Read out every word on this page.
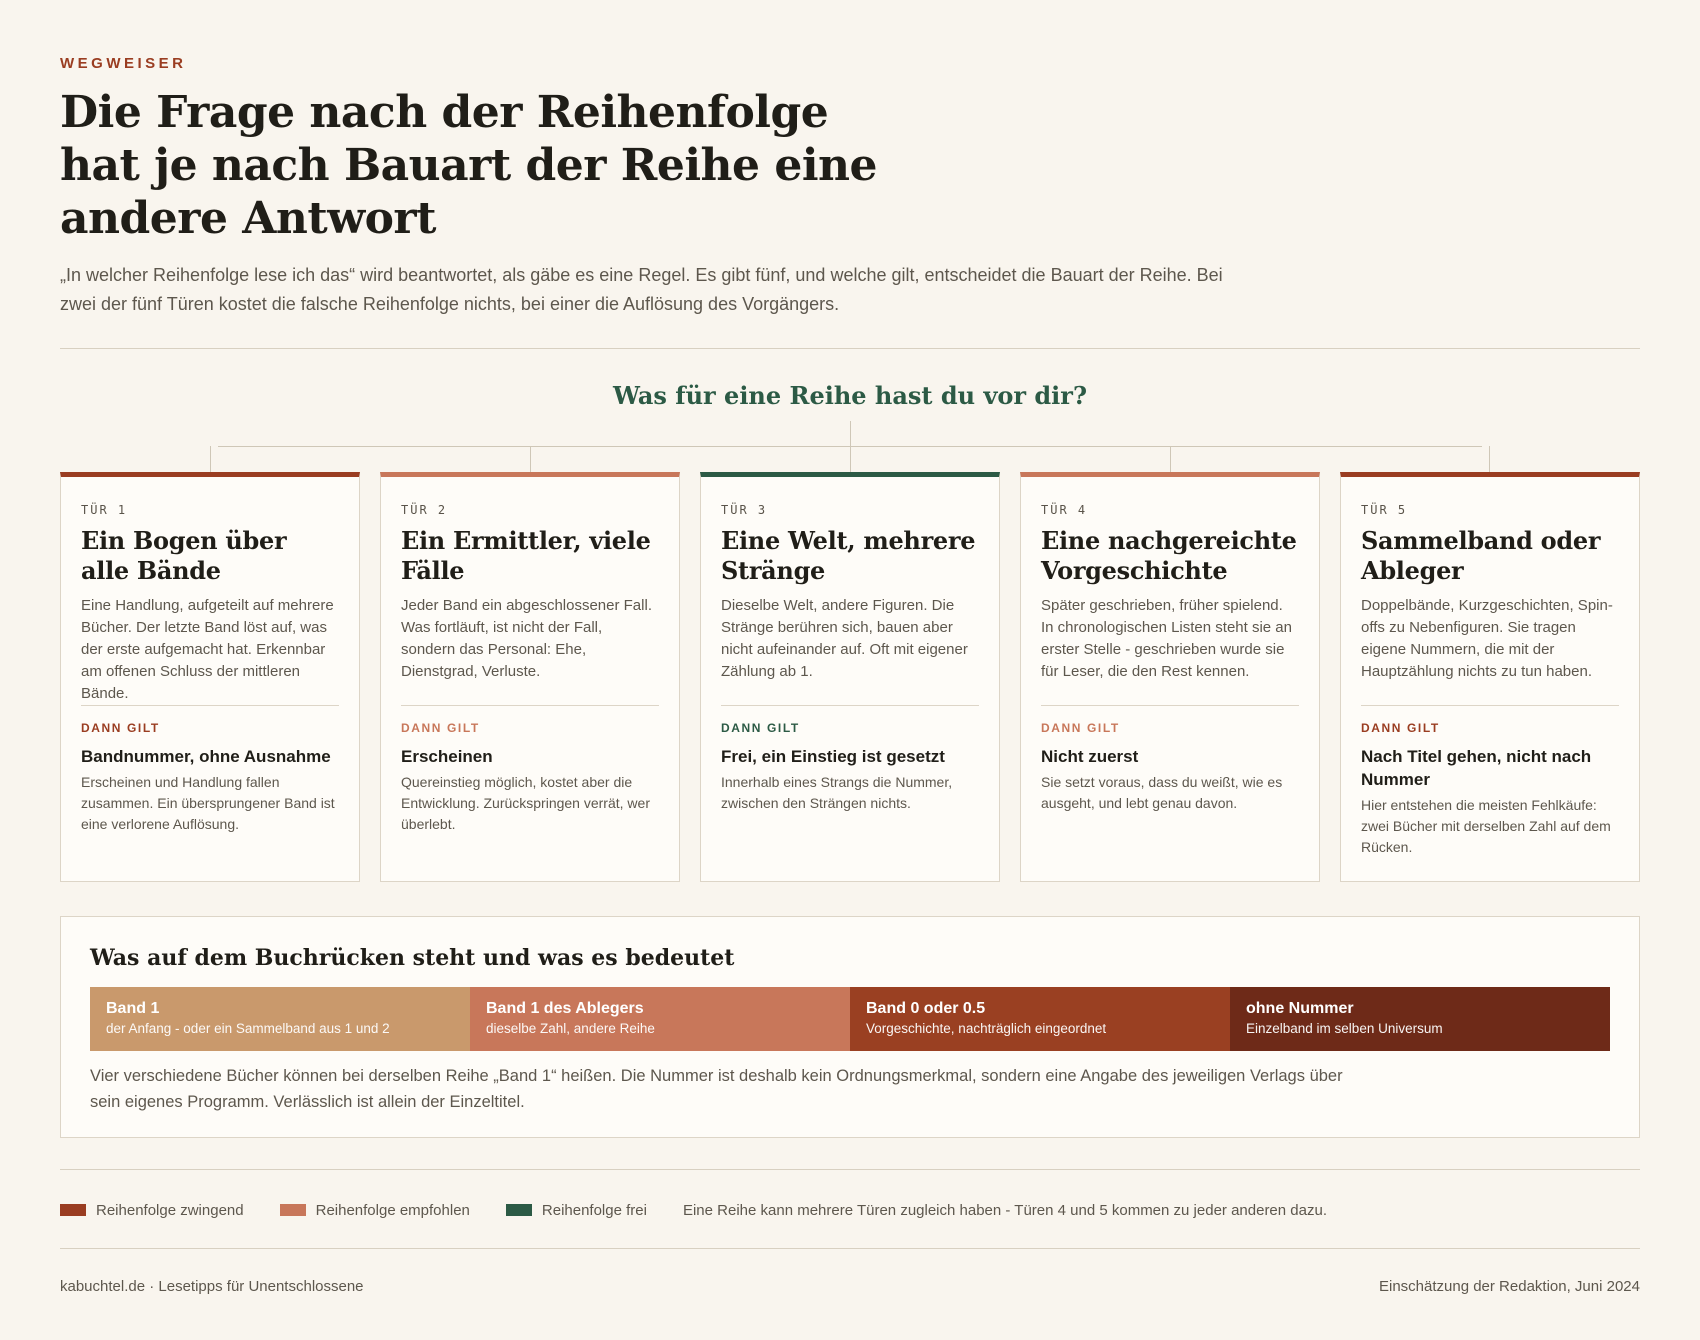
WEGWEISER
Die Frage nach der Reihenfolge hat je nach Bauart der Reihe eine andere Antwort

„In welcher Reihenfolge lese ich das“ wird beantwortet, als gäbe es eine Regel. Es gibt fünf, und welche gilt, entscheidet die Bauart der Reihe. Bei zwei der fünf Türen kostet die falsche Reihenfolge nichts, bei einer die Auflösung des Vorgängers.

Was für eine Reihe hast du vor dir?
TÜR 1
Ein Bogen über alle Bände

Eine Handlung, aufgeteilt auf mehrere Bücher. Der letzte Band löst auf, was der erste aufgemacht hat. Erkennbar am offenen Schluss der mittleren Bände.

DANN GILT
Bandnummer, ohne Ausnahme
Erscheinen und Handlung fallen zusammen. Ein übersprungener Band ist eine verlorene Auflösung.
TÜR 2
Ein Ermittler, viele Fälle

Jeder Band ein abgeschlossener Fall. Was fortläuft, ist nicht der Fall, sondern das Personal: Ehe, Dienstgrad, Verluste.

DANN GILT
Erscheinen
Quereinstieg möglich, kostet aber die Entwicklung. Zurückspringen verrät, wer überlebt.
TÜR 3
Eine Welt, mehrere Stränge

Dieselbe Welt, andere Figuren. Die Stränge berühren sich, bauen aber nicht aufeinander auf. Oft mit eigener Zählung ab 1.

DANN GILT
Frei, ein Einstieg ist gesetzt
Innerhalb eines Strangs die Nummer, zwischen den Strängen nichts.
TÜR 4
Eine nachgereichte Vorgeschichte

Später geschrieben, früher spielend. In chronologischen Listen steht sie an erster Stelle - geschrieben wurde sie für Leser, die den Rest kennen.

DANN GILT
Nicht zuerst
Sie setzt voraus, dass du weißt, wie es ausgeht, und lebt genau davon.
TÜR 5
Sammelband oder Ableger

Doppelbände, Kurzgeschichten, Spin-offs zu Nebenfiguren. Sie tragen eigene Nummern, die mit der Hauptzählung nichts zu tun haben.

DANN GILT
Nach Titel gehen, nicht nach Nummer
Hier entstehen die meisten Fehlkäufe: zwei Bücher mit derselben Zahl auf dem Rücken.
Was auf dem Buchrücken steht und was es bedeutet
Band 1
der Anfang - oder ein Sammelband aus 1 und 2
Band 1 des Ablegers
dieselbe Zahl, andere Reihe
Band 0 oder 0.5
Vorgeschichte, nachträglich eingeordnet
ohne Nummer
Einzelband im selben Universum

Vier verschiedene Bücher können bei derselben Reihe „Band 1“ heißen. Die Nummer ist deshalb kein Ordnungsmerkmal, sondern eine Angabe des jeweiligen Verlags über sein eigenes Programm. Verlässlich ist allein der Einzeltitel.

Reihenfolge zwingend	Reihenfolge empfohlen	Reihenfolge frei Eine Reihe kann mehrere Türen zugleich haben - Türen 4 und 5 kommen zu jeder anderen dazu.
kabuchtel.de · Lesetipps für Unentschlossene	Einschätzung der Redaktion, Juni 2024
